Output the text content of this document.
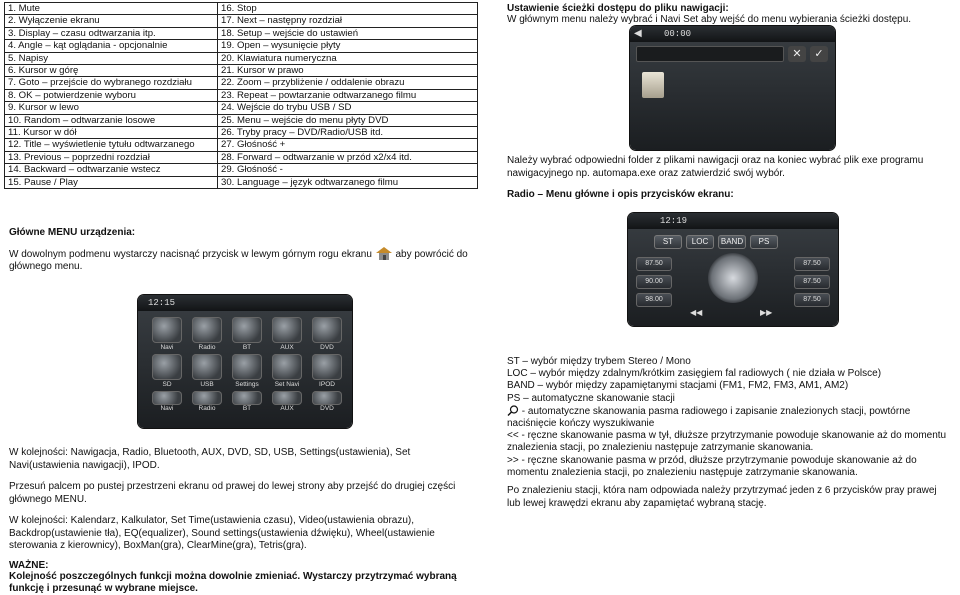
1. Mute	16. Stop
2. Wyłączenie ekranu	17. Next – następny rozdział
3. Display – czasu odtwarzania itp.	18. Setup – wejście do ustawień
4. Angle – kąt oglądania - opcjonalnie	19. Open – wysunięcie płyty
5. Napisy	20. Klawiatura numeryczna
6. Kursor w górę	21. Kursor w prawo
7. Goto – przejście do wybranego rozdziału	22. Zoom – przybliżenie / oddalenie obrazu
8. OK – potwierdzenie wyboru	23. Repeat – powtarzanie odtwarzanego filmu
9. Kursor w lewo	24. Wejście do trybu USB / SD
10. Random – odtwarzanie losowe	25. Menu – wejście do menu płyty DVD
11. Kursor w dół	26. Tryby pracy – DVD/Radio/USB itd.
12. Title – wyświetlenie tytułu odtwarzanego	27. Głośność +
13. Previous – poprzedni rozdział	28. Forward – odtwarzanie w przód x2/x4 itd.
14. Backward – odtwarzanie wstecz	29. Głośność -
15. Pause / Play	30. Language – język odtwarzanego filmu

Główne MENU urządzenia:

W dowolnym podmenu wystarczy nacisnąć przycisk w lewym górnym rogu ekranu aby powrócić do głównego menu.

12:15
Navi	Radio	BT	AUX	DVD
SD	USB	Settings	Set Navi	IPOD
Navi	Radio	BT	AUX	DVD

W kolejności: Nawigacja, Radio, Bluetooth, AUX, DVD, SD, USB, Settings(ustawienia), Set Navi(ustawienia nawigacji), IPOD.

Przesuń palcem po pustej przestrzeni ekranu od prawej do lewej strony aby przejść do drugiej części głównego MENU.

W kolejności: Kalendarz, Kalkulator, Set Time(ustawienia czasu), Video(ustawienia obrazu), Backdrop(ustawienie tła), EQ(equalizer), Sound settings(ustawienia dźwięku), Wheel(ustawienie sterowania z kierownicy), BoxMan(gra), ClearMine(gra), Tetris(gra).

WAŻNE:

Kolejność poszczególnych funkcji można dowolnie zmieniać. Wystarczy przytrzymać wybraną funkcję i przesunąć w wybrane miejsce.

Ustawienie ścieżki dostępu do pliku nawigacji:

W głównym menu należy wybrać i Navi Set aby wejść do menu wybierania ścieżki dostępu.

00:00
◀
✕	✓

Należy wybrać odpowiedni folder z plikami nawigacji oraz na koniec wybrać plik exe programu nawigacyjnego np. automapa.exe oraz zatwierdzić swój wybór.

Radio – Menu główne i opis przycisków ekranu:

12:19
ST	LOC	BAND	PS
87.50
90.00
98.00
87.50
87.50
87.50
◀◀	▶▶

ST – wybór między trybem Stereo / Mono
LOC – wybór między zdalnym/krótkim zasięgiem fal radiowych ( nie działa w Polsce)
BAND – wybór między zapamiętanymi stacjami (FM1, FM2, FM3, AM1, AM2)
PS – automatyczne skanowanie stacji
- automatyczne skanowania pasma radiowego i zapisanie znalezionych stacji, powtórne naciśnięcie kończy wyszukiwanie
<< - ręczne skanowanie pasma w tył, dłuższe przytrzymanie powoduje skanowanie aż do momentu znalezienia stacji, po znalezieniu następuje zatrzymanie skanowania.
>> - ręczne skanowanie pasma w przód, dłuższe przytrzymanie powoduje skanowanie aż do momentu znalezienia stacji, po znalezieniu następuje zatrzymanie skanowania.

Po znalezieniu stacji, która nam odpowiada należy przytrzymać jeden z 6 przycisków pray prawej lub lewej krawędzi ekranu aby zapamiętać wybraną stację.
